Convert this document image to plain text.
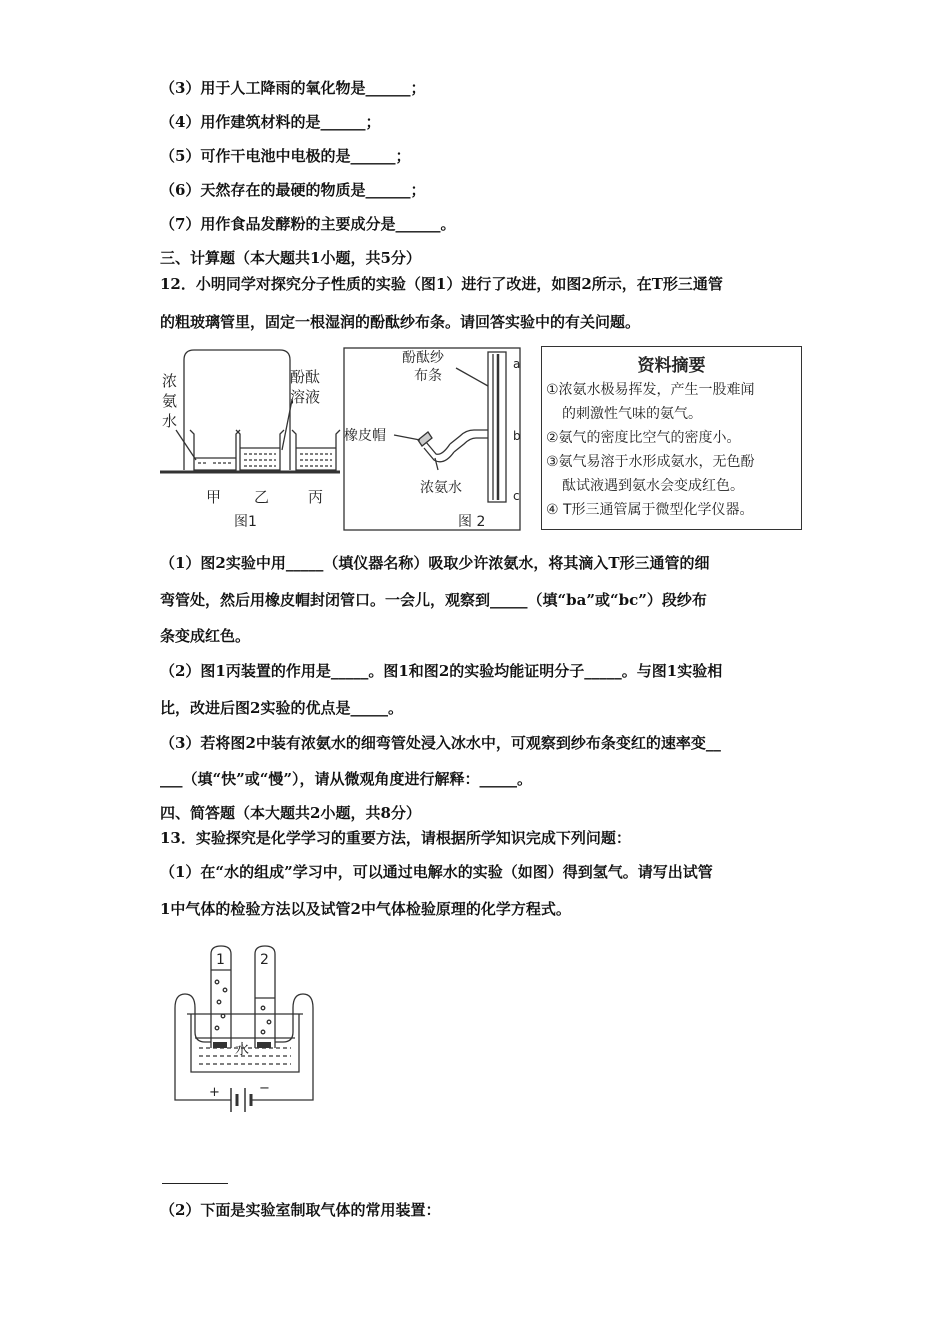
（3）用于人工降雨的氧化物是______；
（4）用作建筑材料的是______；
（5）可作干电池中电极的是______；
（6）天然存在的最硬的物质是______；
（7）用作食品发酵粉的主要成分是______。
三、计算题（本大题共1小题，共5分）
12．小明同学对探究分子性质的实验（图1）进行了改进，如图2所示，在T形三通管
的粗玻璃管里，固定一根湿润的酚酞纱布条。请回答实验中的有关问题。
浓
氨
水
酚酞
溶液
甲 乙	丙
图1
酚酞纱
布条
橡皮帽
浓氨水
a
b
c
图 2
资料摘要
①浓氨水极易挥发，产生一股难闻
的刺激性气味的氨气。
②氨气的密度比空气的密度小。
③氨气易溶于水形成氨水，无色酚
酞试液遇到氨水会变成红色。
④ T形三通管属于微型化学仪器。
（1）图2实验中用_____（填仪器名称）吸取少许浓氨水，将其滴入T形三通管的细
弯管处，然后用橡皮帽封闭管口。一会儿，观察到_____（填“ba”或“bc”）段纱布
条变成红色。
（2）图1丙装置的作用是_____。图1和图2的实验均能证明分子_____。与图1实验相
比，改进后图2实验的优点是_____。
（3）若将图2中装有浓氨水的细弯管处浸入冰水中，可观察到纱布条变红的速率变__
___（填“快”或“慢”），请从微观角度进行解释：_____。
四、简答题（本大题共2小题，共8分）
13．实验探究是化学学习的重要方法，请根据所学知识完成下列问题：
（1）在“水的组成”学习中，可以通过电解水的实验（如图）得到氢气。请写出试管
1中气体的检验方法以及试管2中气体检验原理的化学方程式。
1	2
水
+	−
（2）下面是实验室制取气体的常用装置：
